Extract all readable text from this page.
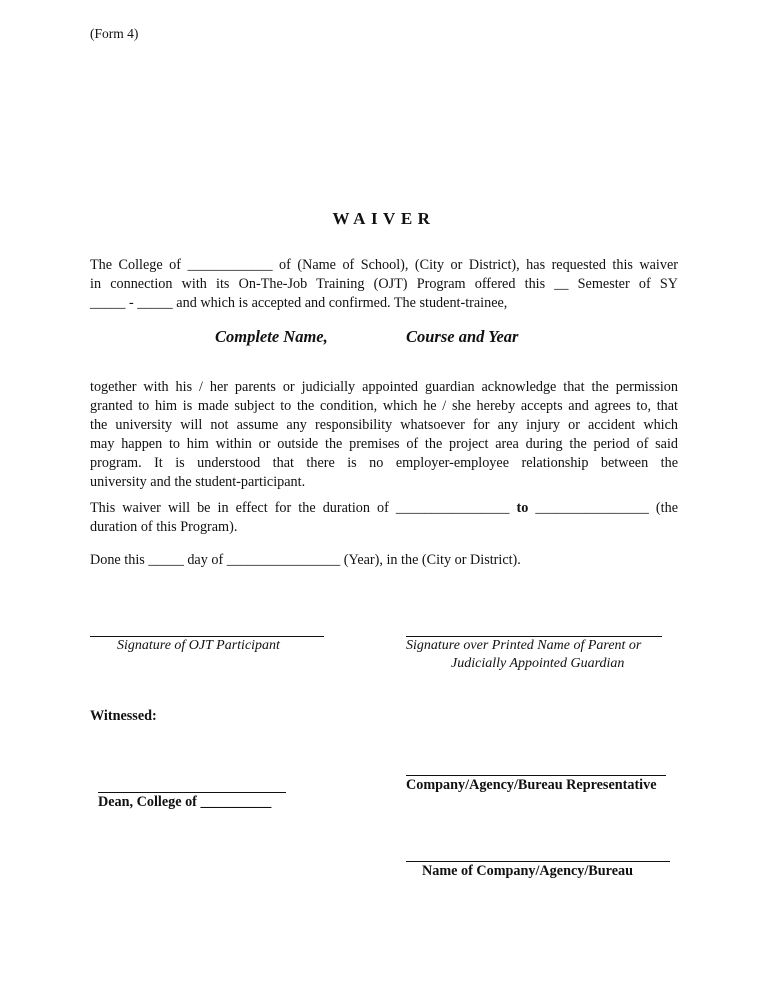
(Form 4)
WAIVER
The College of ____________ of (Name of School), (City or District), has requested this waiver
in connection with its On-The-Job Training (OJT) Program offered this __ Semester of SY
_____ - _____ and which is accepted and confirmed. The student-trainee,
Complete Name,	Course and Year
together with his / her parents or judicially appointed guardian acknowledge that the permission
granted to him is made subject to the condition, which he / she hereby accepts and agrees to, that
the university will not assume any responsibility whatsoever for any injury or accident which
may happen to him within or outside the premises of the project area during the period of said
program. It is understood that there is no employer-employee relationship between the
university and the student-participant.
This waiver will be in effect for the duration of ________________ to ________________ (the
duration of this Program).
Done this _____ day of ________________ (Year), in the (City or District).
Signature of OJT Participant	Signature over Printed Name of Parent or
Judicially Appointed Guardian
Witnessed:
Company/Agency/Bureau Representative
Dean, College of __________
Name of Company/Agency/Bureau
